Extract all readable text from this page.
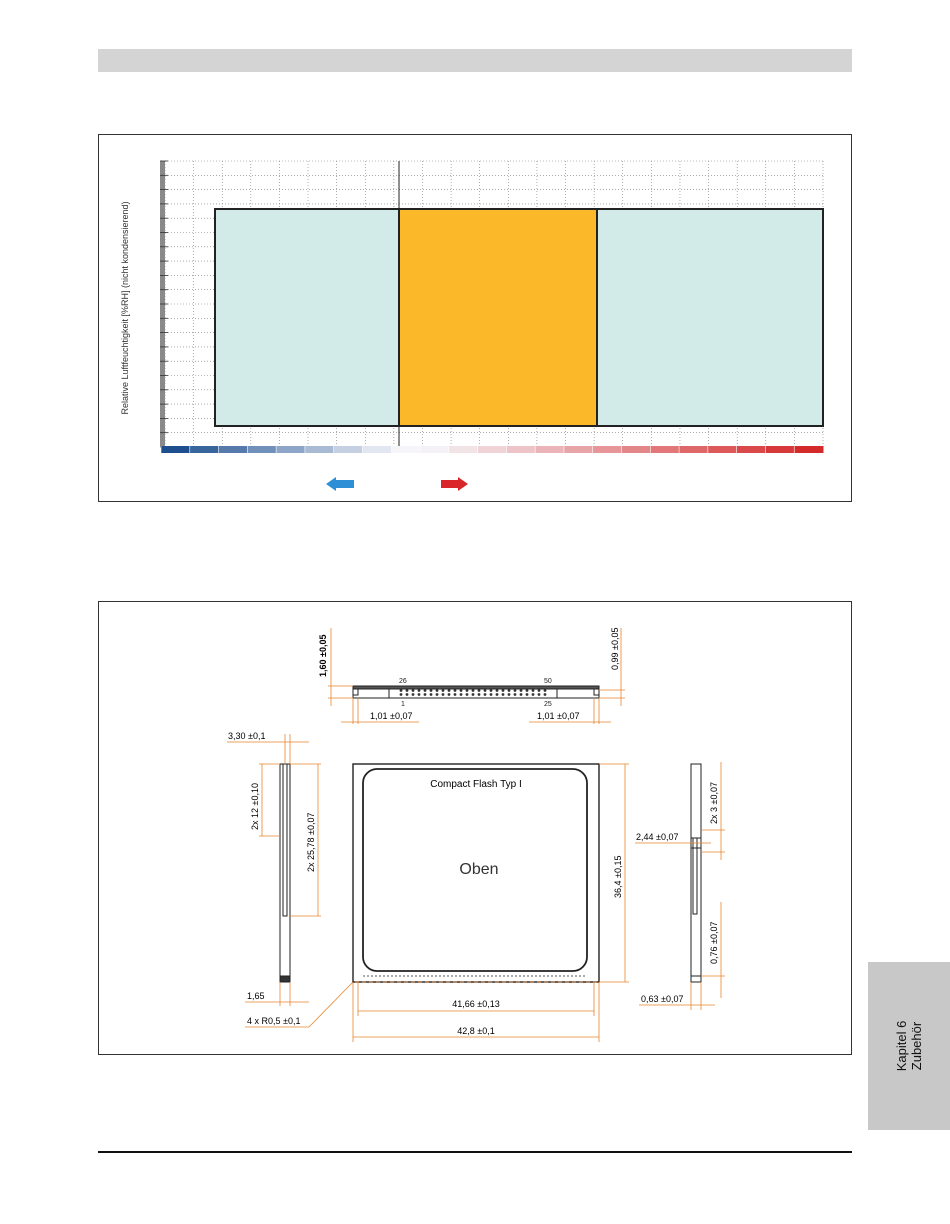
Relative Luftfeuchtigkeit [%RH] (nicht kondensierend)
26	50
1	25
1,60 ±0,05	0,99 ±0,05
1,01 ±0,07	1,01 ±0,07
3,30 ±0,1
2x 12 ±0,10
2x 25,78 ±0,07
1,65
4 x R0,5 ±0,1
Compact Flash Typ I
Oben
41,66 ±0,13
42,8 ±0,1
36,4 ±0,15
2,44 ±0,07
2x 3 ±0,07
0,76 ±0,07
0,63 ±0,07
Kapitel 6 Zubehör
